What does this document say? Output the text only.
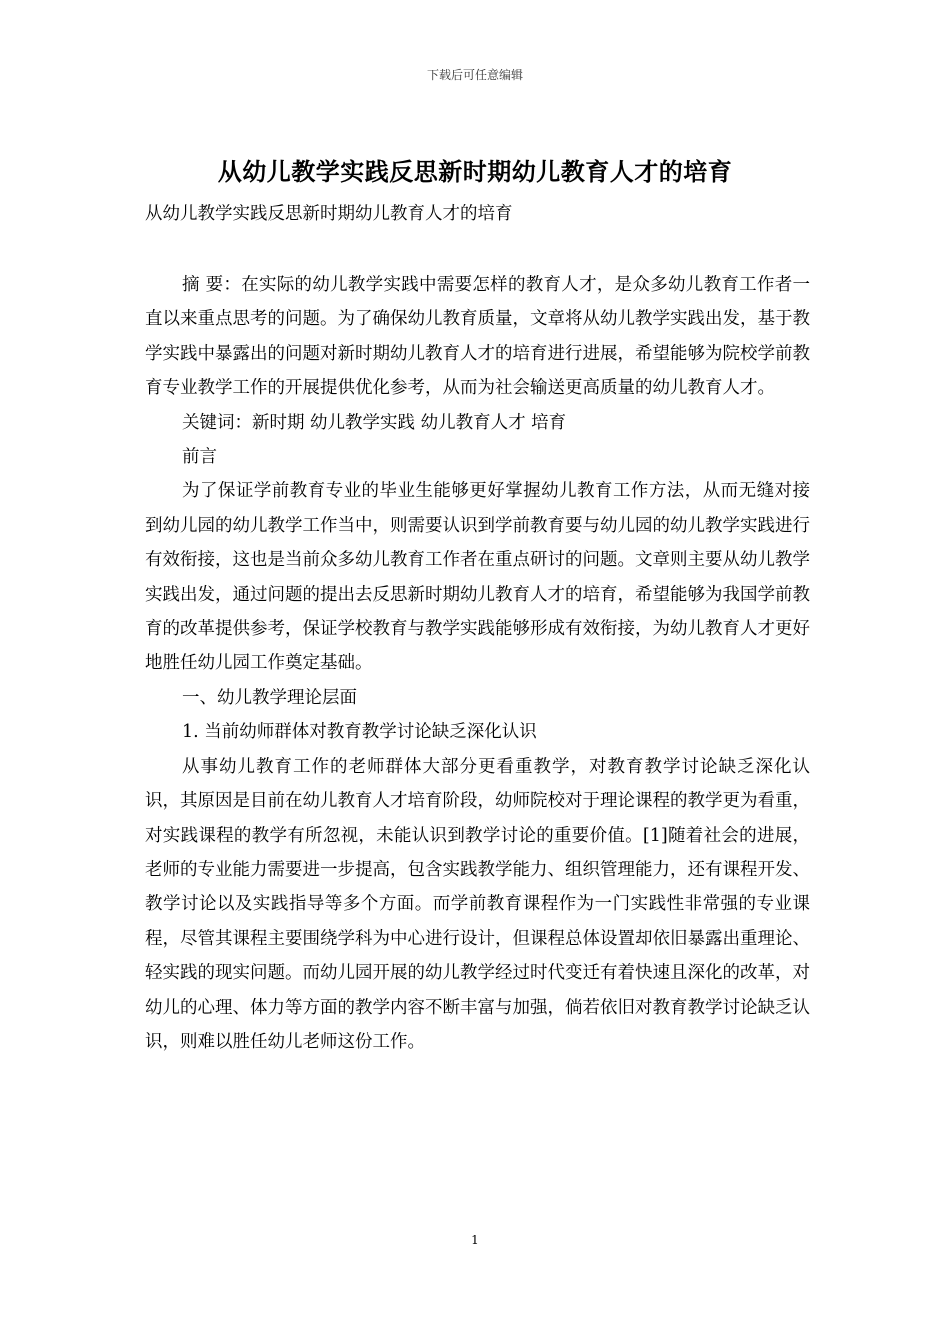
下载后可任意编辑
从幼儿教学实践反思新时期幼儿教育人才的培育
从幼儿教学实践反思新时期幼儿教育人才的培育

摘 要：在实际的幼儿教学实践中需要怎样的教育人才，是众多幼儿教育工作者一直以来重点思考的问题。为了确保幼儿教育质量，文章将从幼儿教学实践出发，基于教学实践中暴露出的问题对新时期幼儿教育人才的培育进行进展，希望能够为院校学前教育专业教学工作的开展提供优化参考，从而为社会输送更高质量的幼儿教育人才。

关键词：新时期 幼儿教学实践 幼儿教育人才 培育

前言

为了保证学前教育专业的毕业生能够更好掌握幼儿教育工作方法，从而无缝对接到幼儿园的幼儿教学工作当中，则需要认识到学前教育要与幼儿园的幼儿教学实践进行有效衔接，这也是当前众多幼儿教育工作者在重点研讨的问题。文章则主要从幼儿教学实践出发，通过问题的提出去反思新时期幼儿教育人才的培育，希望能够为我国学前教育的改革提供参考，保证学校教育与教学实践能够形成有效衔接，为幼儿教育人才更好地胜任幼儿园工作奠定基础。

一、幼儿教学理论层面

1. 当前幼师群体对教育教学讨论缺乏深化认识

从事幼儿教育工作的老师群体大部分更看重教学，对教育教学讨论缺乏深化认识，其原因是目前在幼儿教育人才培育阶段，幼师院校对于理论课程的教学更为看重，对实践课程的教学有所忽视，未能认识到教学讨论的重要价值。[1]随着社会的进展，老师的专业能力需要进一步提高，包含实践教学能力、组织管理能力，还有课程开发、教学讨论以及实践指导等多个方面。而学前教育课程作为一门实践性非常强的专业课程，尽管其课程主要围绕学科为中心进行设计，但课程总体设置却依旧暴露出重理论、轻实践的现实问题。而幼儿园开展的幼儿教学经过时代变迁有着快速且深化的改革，对幼儿的心理、体力等方面的教学内容不断丰富与加强，倘若依旧对教育教学讨论缺乏认识，则难以胜任幼儿老师这份工作。

1
